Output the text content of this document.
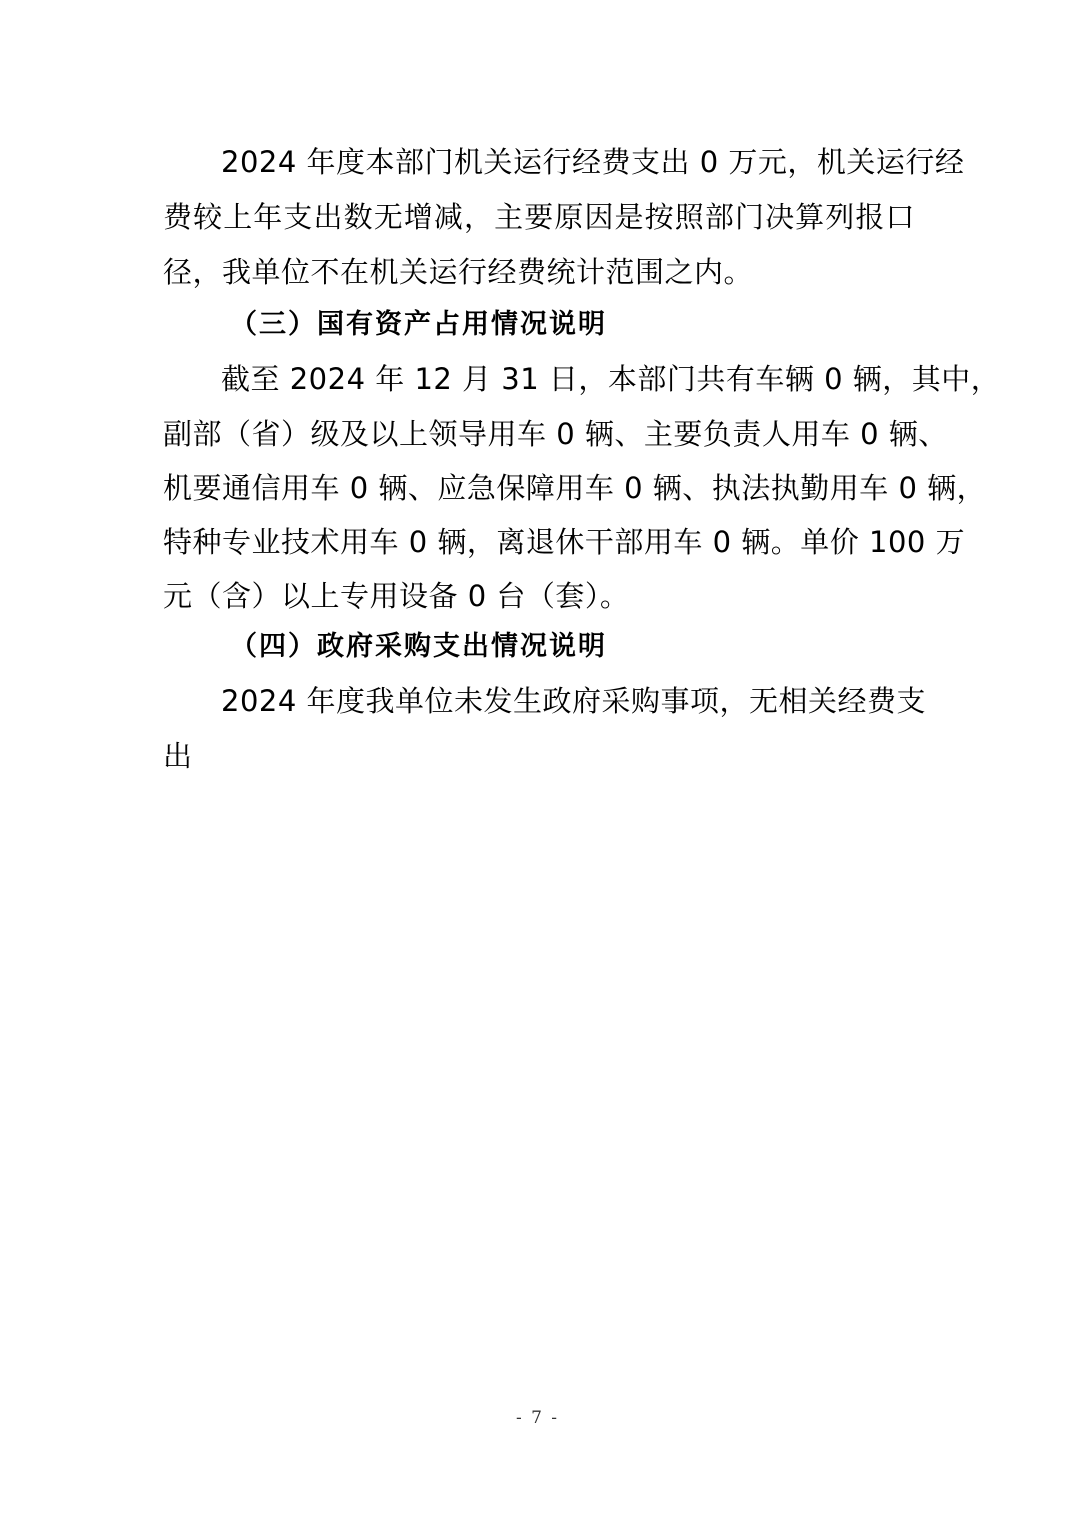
2024 年度本部门机关运行经费支出 0 万元，机关运行经
费较上年支出数无增减，主要原因是按照部门决算列报口
径，我单位不在机关运行经费统计范围之内。
（三）国有资产占用情况说明
截至 2024 年 12 月 31 日，本部门共有车辆 0 辆，其中，
副部（省）级及以上领导用车 0 辆、主要负责人用车 0 辆、
机要通信用车 0 辆、应急保障用车 0 辆、执法执勤用车 0 辆，
特种专业技术用车 0 辆，离退休干部用车 0 辆。单价 100 万
元（含）以上专用设备 0 台（套）。
（四）政府采购支出情况说明
2024 年度我单位未发生政府采购事项，无相关经费支
出
- 7 -
